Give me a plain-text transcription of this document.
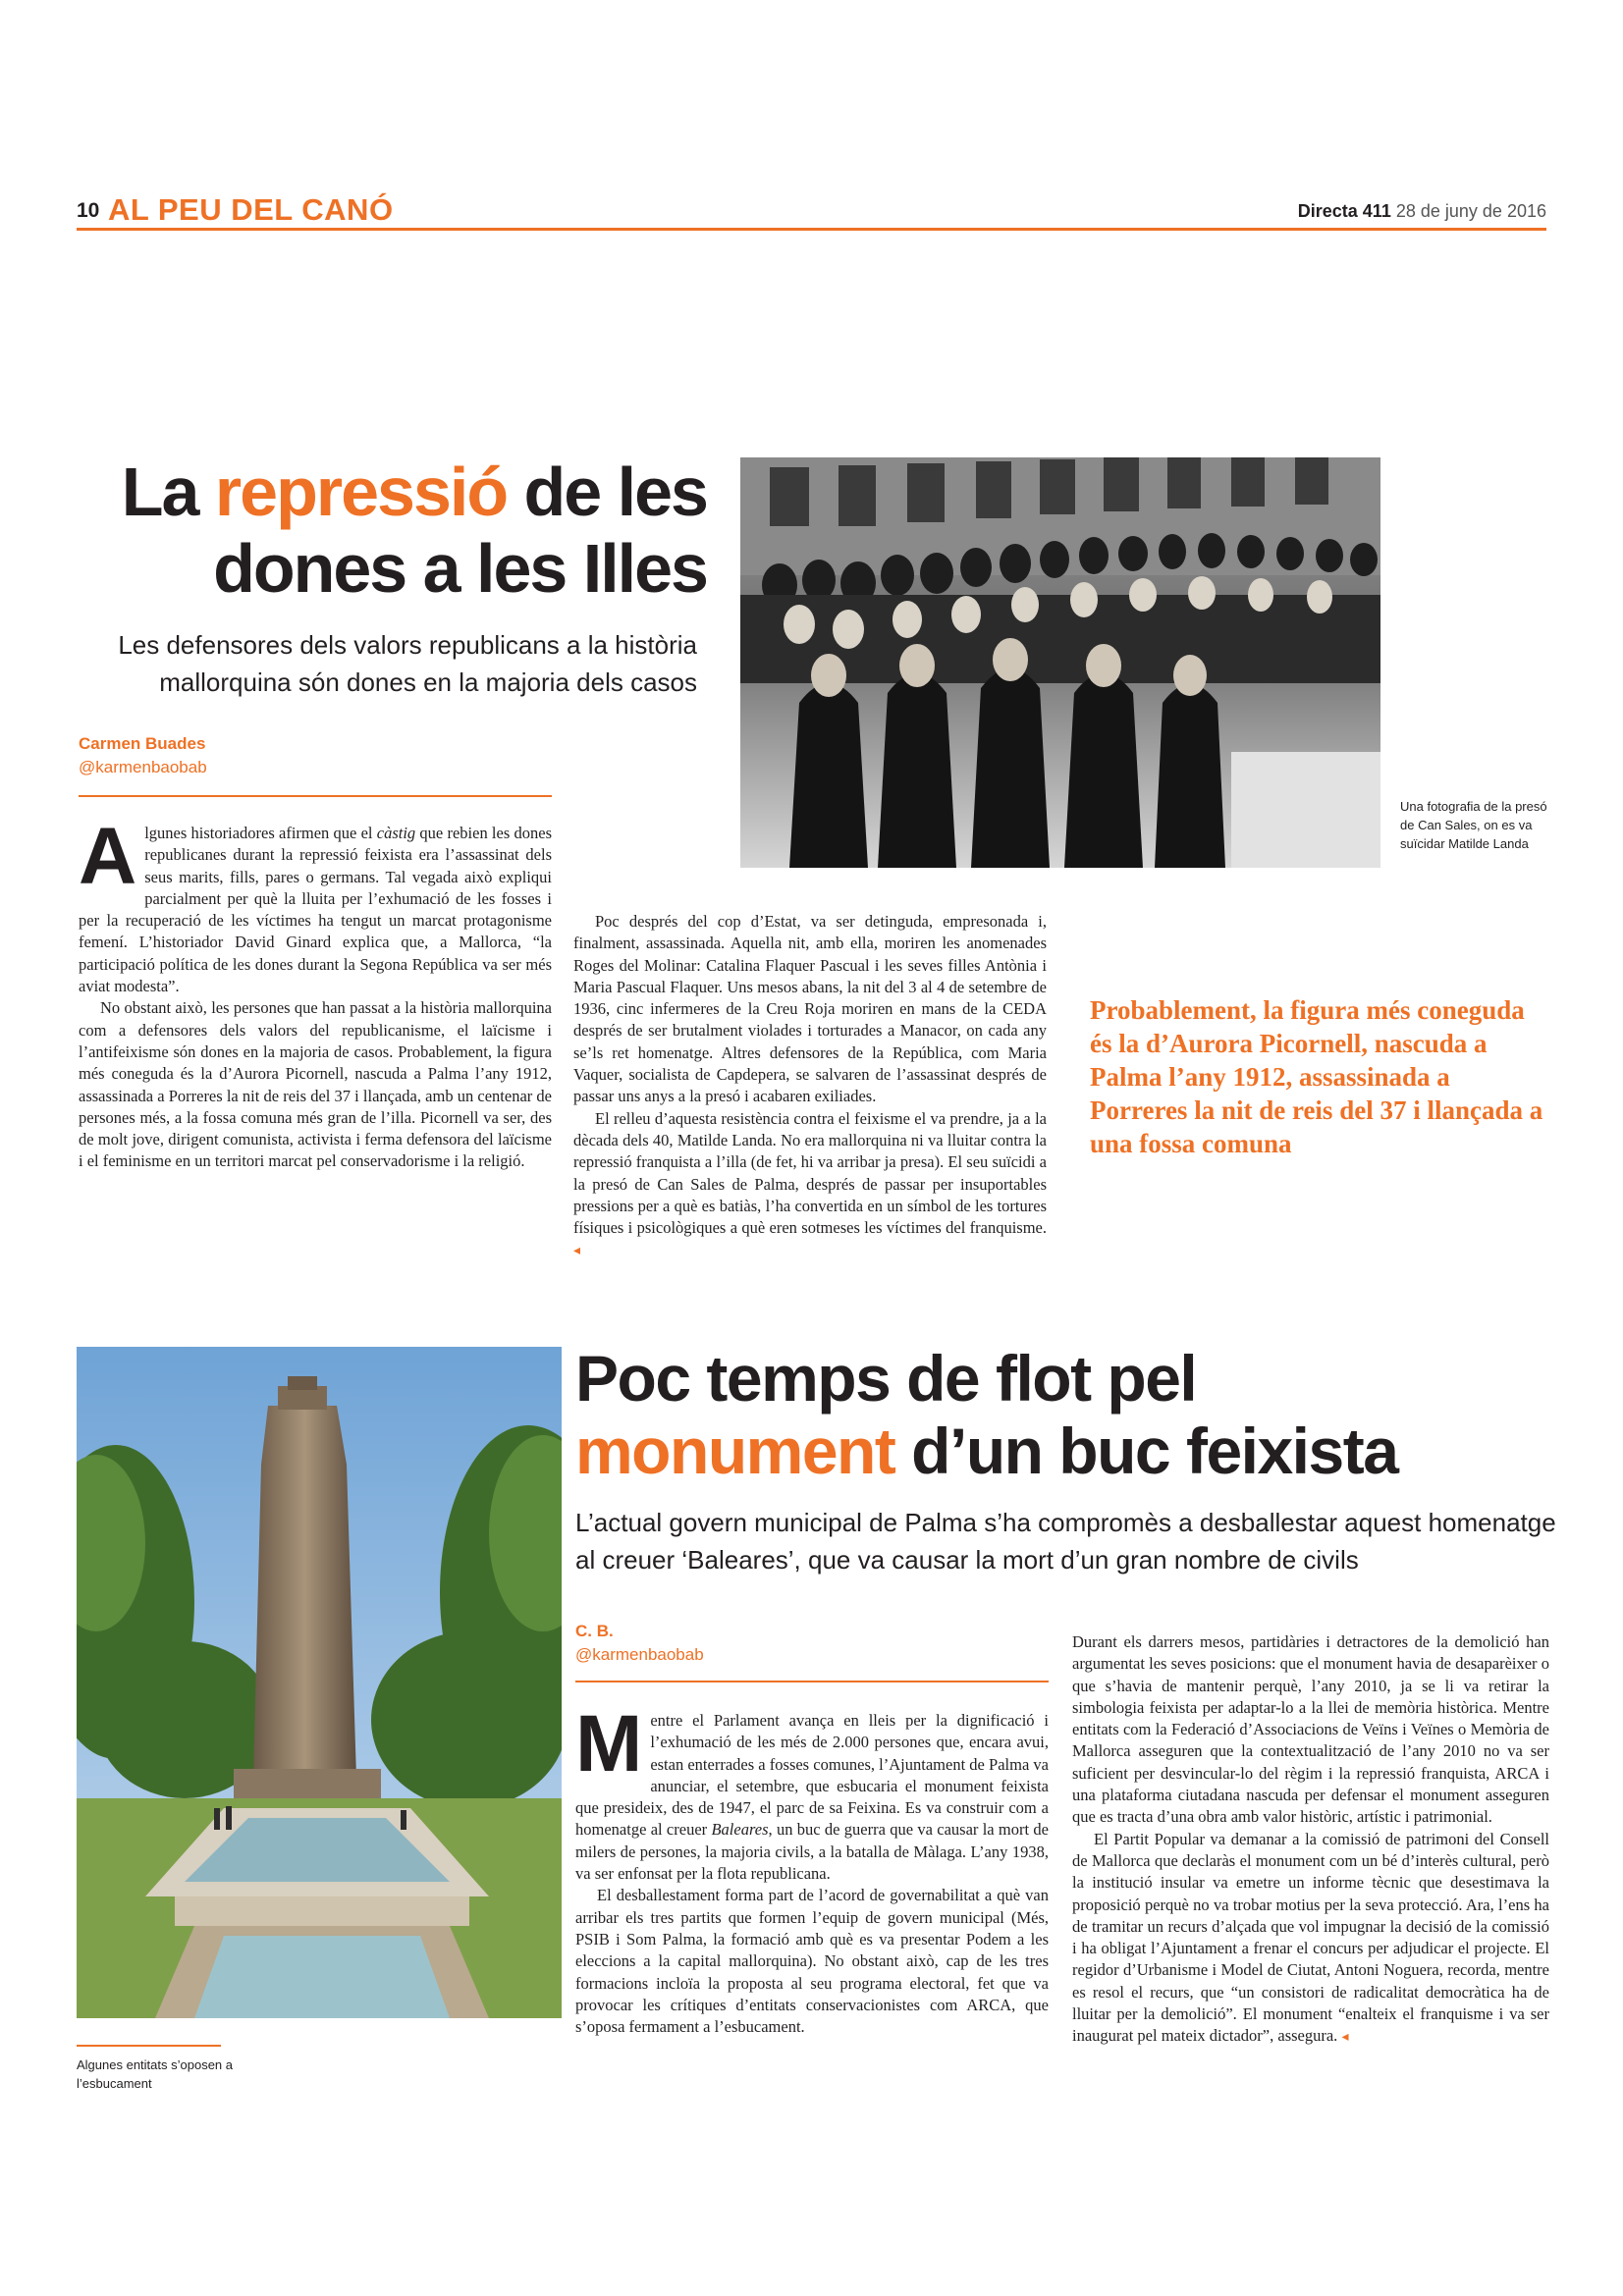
10 AL PEU DEL CANÓ	Directa 411 28 de juny de 2016
La repressió de les dones a les Illes
Les defensores dels valors republicans a la història mallorquina són dones en la majoria dels casos
Carmen Buades
@karmenbaobab
Una fotografia de la presó de Can Sales, on es va suïcidar Matilde Landa

Algunes historiadores afirmen que el càstig que rebien les dones republicanes durant la repressió feixista era l’assassinat dels seus marits, fills, pares o germans. Tal vegada això expliqui parcialment per què la lluita per l’exhumació de les fosses i per la recuperació de les víctimes ha tengut un marcat protagonisme femení. L’historiador David Ginard explica que, a Mallorca, “la participació política de les dones durant la Segona República va ser més aviat modesta”.

No obstant això, les persones que han passat a la història mallorquina com a defensores dels valors del republicanisme, el laïcisme i l’antifeixisme són dones en la majoria de casos. Probablement, la figura més coneguda és la d’Aurora Picornell, nascuda a Palma l’any 1912, assassinada a Porreres la nit de reis del 37 i llançada, amb un centenar de persones més, a la fossa comuna més gran de l’illa. Picornell va ser, des de molt jove, dirigent comunista, activista i ferma defensora del laïcisme i el feminisme en un territori marcat pel conservadorisme i la religió.

Poc després del cop d’Estat, va ser detinguda, empresonada i, finalment, assassinada. Aquella nit, amb ella, moriren les anomenades Roges del Molinar: Catalina Flaquer Pascual i les seves filles Antònia i Maria Pascual Flaquer. Uns mesos abans, la nit del 3 al 4 de setembre de 1936, cinc infermeres de la Creu Roja moriren en mans de la CEDA després de ser brutalment violades i torturades a Manacor, on cada any se’ls ret homenatge. Altres defensores de la República, com Maria Vaquer, socialista de Capdepera, se salvaren de l’assassinat després de passar uns anys a la presó i acabaren exiliades.

El relleu d’aquesta resistència contra el feixisme el va prendre, ja a la dècada dels 40, Matilde Landa. No era mallorquina ni va lluitar contra la repressió franquista a l’illa (de fet, hi va arribar ja presa). El seu suïcidi a la presó de Can Sales de Palma, després de passar per insuportables pressions per a què es batiàs, l’ha convertida en un símbol de les tortures físiques i psicològiques a què eren sotmeses les víctimes del franquisme. ◂

Probablement, la figura més coneguda és la d’Aurora Picornell, nascuda a Palma l’any 1912, assassinada a Porreres la nit de reis del 37 i llançada a una fossa comuna
Algunes entitats s’oposen a l’esbucament
Poc temps de flot pel
monument d’un buc feixista
L’actual govern municipal de Palma s’ha compromès a desballestar aquest homenatge al creuer ‘Baleares’, que va causar la mort d’un gran nombre de civils
C. B.
@karmenbaobab

Mentre el Parlament avança en lleis per la dignificació i l’exhumació de les més de 2.000 persones que, encara avui, estan enterrades a fosses comunes, l’Ajuntament de Palma va anunciar, el setembre, que esbucaria el monument feixista que presideix, des de 1947, el parc de sa Feixina. Es va construir com a homenatge al creuer Baleares, un buc de guerra que va causar la mort de milers de persones, la majoria civils, a la batalla de Màlaga. L’any 1938, va ser enfonsat per la flota republicana.

El desballestament forma part de l’acord de governabilitat a què van arribar els tres partits que formen l’equip de govern municipal (Més, PSIB i Som Palma, la formació amb què es va presentar Podem a les eleccions a la capital mallorquina). No obstant això, cap de les tres formacions incloïa la proposta al seu programa electoral, fet que va provocar les crítiques d’entitats conservacionistes com ARCA, que s’oposa fermament a l’esbucament.

Durant els darrers mesos, partidàries i detractores de la demolició han argumentat les seves posicions: que el monument havia de desaparèixer o que s’havia de mantenir perquè, l’any 2010, ja se li va retirar la simbologia feixista per adaptar-lo a la llei de memòria històrica. Mentre entitats com la Federació d’Associacions de Veïns i Veïnes o Memòria de Mallorca asseguren que la contextualització de l’any 2010 no va ser suficient per desvincular-lo del règim i la repressió franquista, ARCA i una plataforma ciutadana nascuda per defensar el monument asseguren que es tracta d’una obra amb valor històric, artístic i patrimonial.

El Partit Popular va demanar a la comissió de patrimoni del Consell de Mallorca que declaràs el monument com un bé d’interès cultural, però la institució insular va emetre un informe tècnic que desestimava la proposició perquè no va trobar motius per la seva protecció. Ara, l’ens ha de tramitar un recurs d’alçada que vol impugnar la decisió de la comissió i ha obligat l’Ajuntament a frenar el concurs per adjudicar el projecte. El regidor d’Urbanisme i Model de Ciutat, Antoni Noguera, recorda, mentre es resol el recurs, que “un consistori de radicalitat democràtica ha de lluitar per la demolició”. El monument “enalteix el franquisme i va ser inaugurat pel mateix dictador”, assegura. ◂
